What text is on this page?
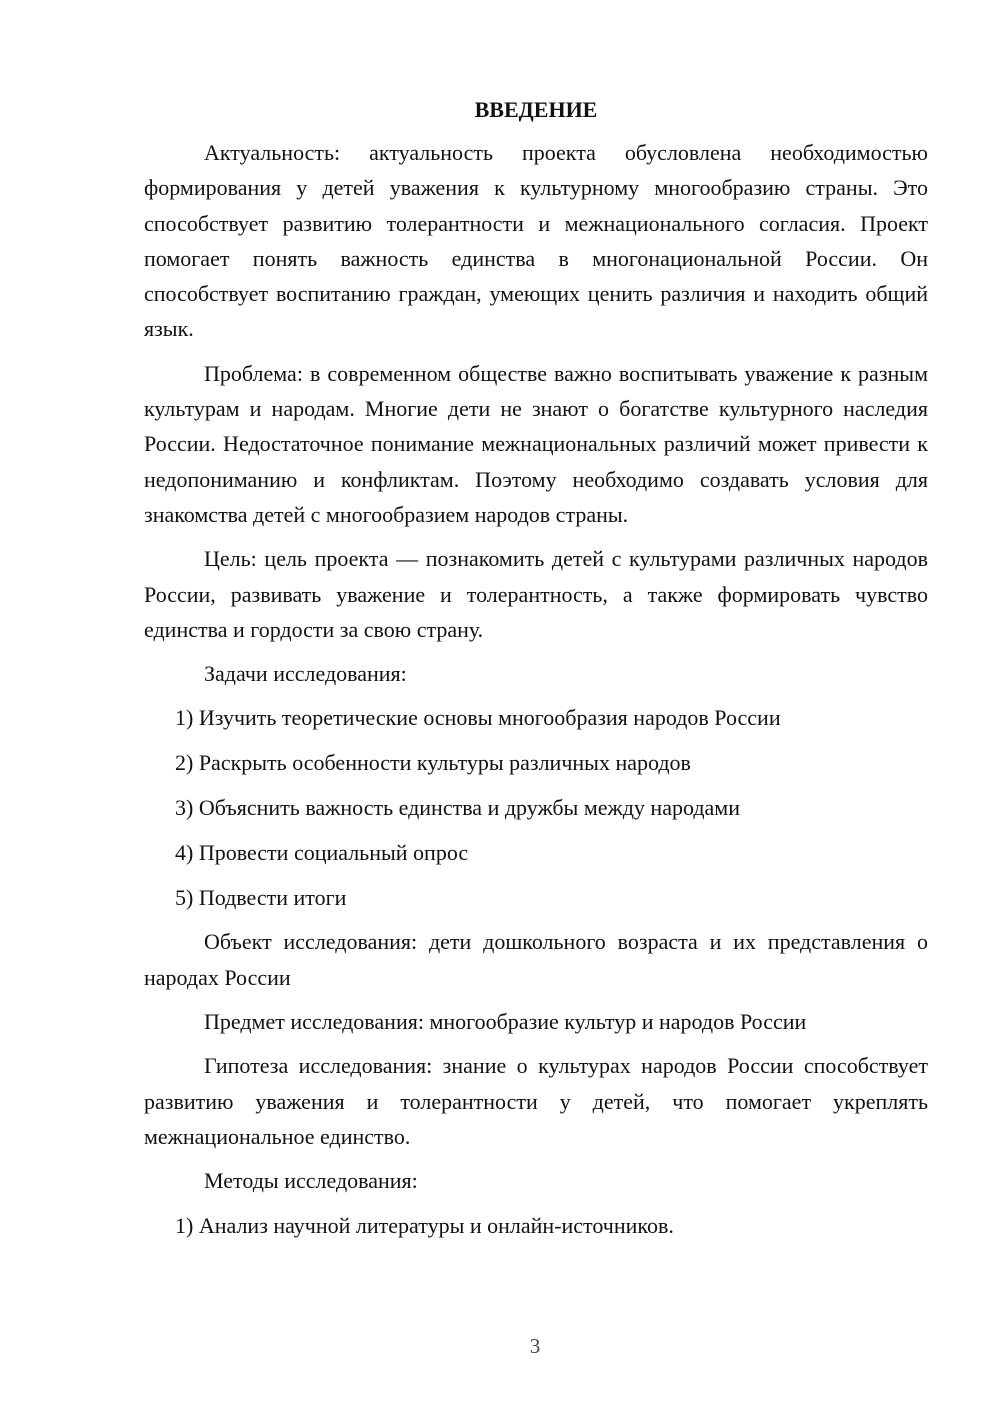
ВВЕДЕНИЕ

Актуальность: актуальность проекта обусловлена необходимостью формирования у детей уважения к культурному многообразию страны. Это способствует развитию толерантности и межнационального согласия. Проект помогает понять важность единства в многонациональной России. Он способствует воспитанию граждан, умеющих ценить различия и находить общий язык.

Проблема: в современном обществе важно воспитывать уважение к разным культурам и народам. Многие дети не знают о богатстве культурного наследия России. Недостаточное понимание межнациональных различий может привести к недопониманию и конфликтам. Поэтому необходимо создавать условия для знакомства детей с многообразием народов страны.

Цель: цель проекта — познакомить детей с культурами различных народов России, развивать уважение и толерантность, а также формировать чувство единства и гордости за свою страну.

Задачи исследования:

1) Изучить теоретические основы многообразия народов России
2) Раскрыть особенности культуры различных народов
3) Объяснить важность единства и дружбы между народами
4) Провести социальный опрос
5) Подвести итоги

Объект исследования: дети дошкольного возраста и их представления о народах России

Предмет исследования: многообразие культур и народов России

Гипотеза исследования: знание о культурах народов России способствует развитию уважения и толерантности у детей, что помогает укреплять межнациональное единство.

Методы исследования:

1) Анализ научной литературы и онлайн-источников.
3
